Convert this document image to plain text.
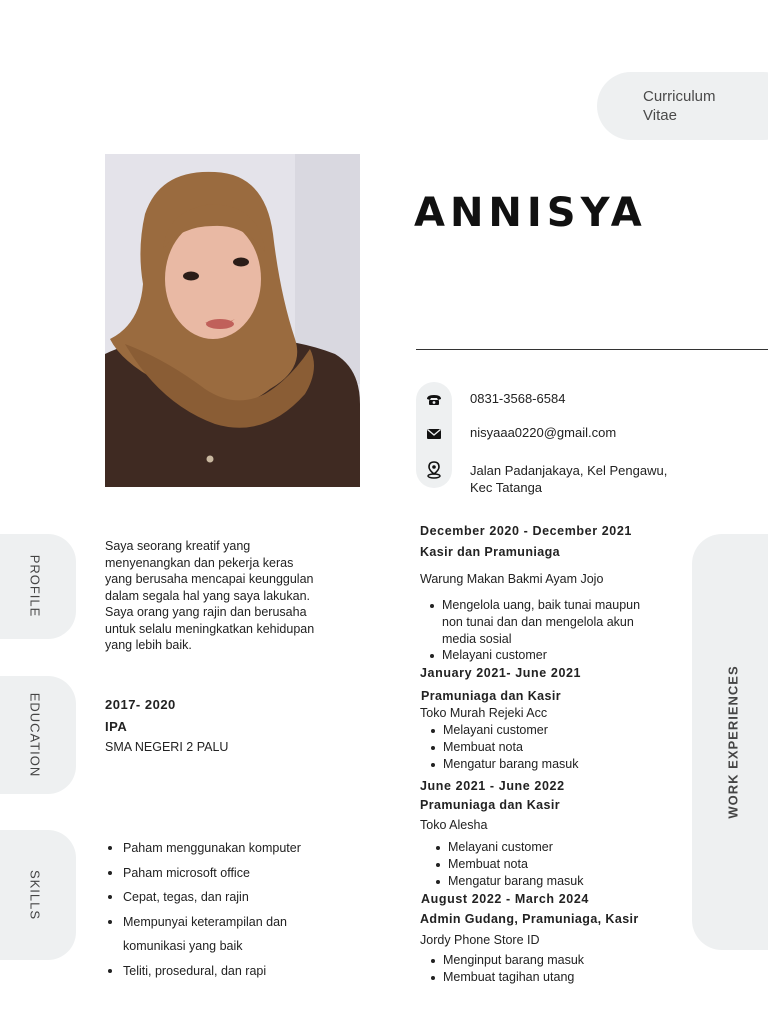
Curriculum Vitae
ANNISYA
0831-3568-6584
nisyaaa0220@gmail.com
Jalan Padanjakaya, Kel Pengawu,
Kec Tatanga
PROFILE
EDUCATION
SKILLS
Saya seorang kreatif yang
menyenangkan dan pekerja keras
yang berusaha mencapai keunggulan
dalam segala hal yang saya lakukan.
Saya orang yang rajin dan berusaha
untuk selalu meningkatkan kehidupan
yang lebih baik.
2017- 2020
IPA
SMA NEGERI 2 PALU
Paham menggunakan komputer
Paham microsoft office
Cepat, tegas, dan rajin
Mempunyai keterampilan dan
komunikasi yang baik
Teliti, prosedural, dan rapi
WORK EXPERIENCES
December 2020 - December 2021
Kasir dan Pramuniaga
Warung Makan Bakmi Ayam Jojo
Mengelola uang, baik tunai maupun
non tunai dan dan mengelola akun
media sosial
Melayani customer
January 2021- June 2021
Pramuniaga dan Kasir
Toko Murah Rejeki Acc
Melayani customer
Membuat nota
Mengatur barang masuk
June 2021 - June 2022
Pramuniaga dan Kasir
Toko Alesha
Melayani customer
Membuat nota
Mengatur barang masuk
August 2022 - March 2024
Admin Gudang, Pramuniaga, Kasir
Jordy Phone Store ID
Menginput barang masuk
Membuat tagihan utang
